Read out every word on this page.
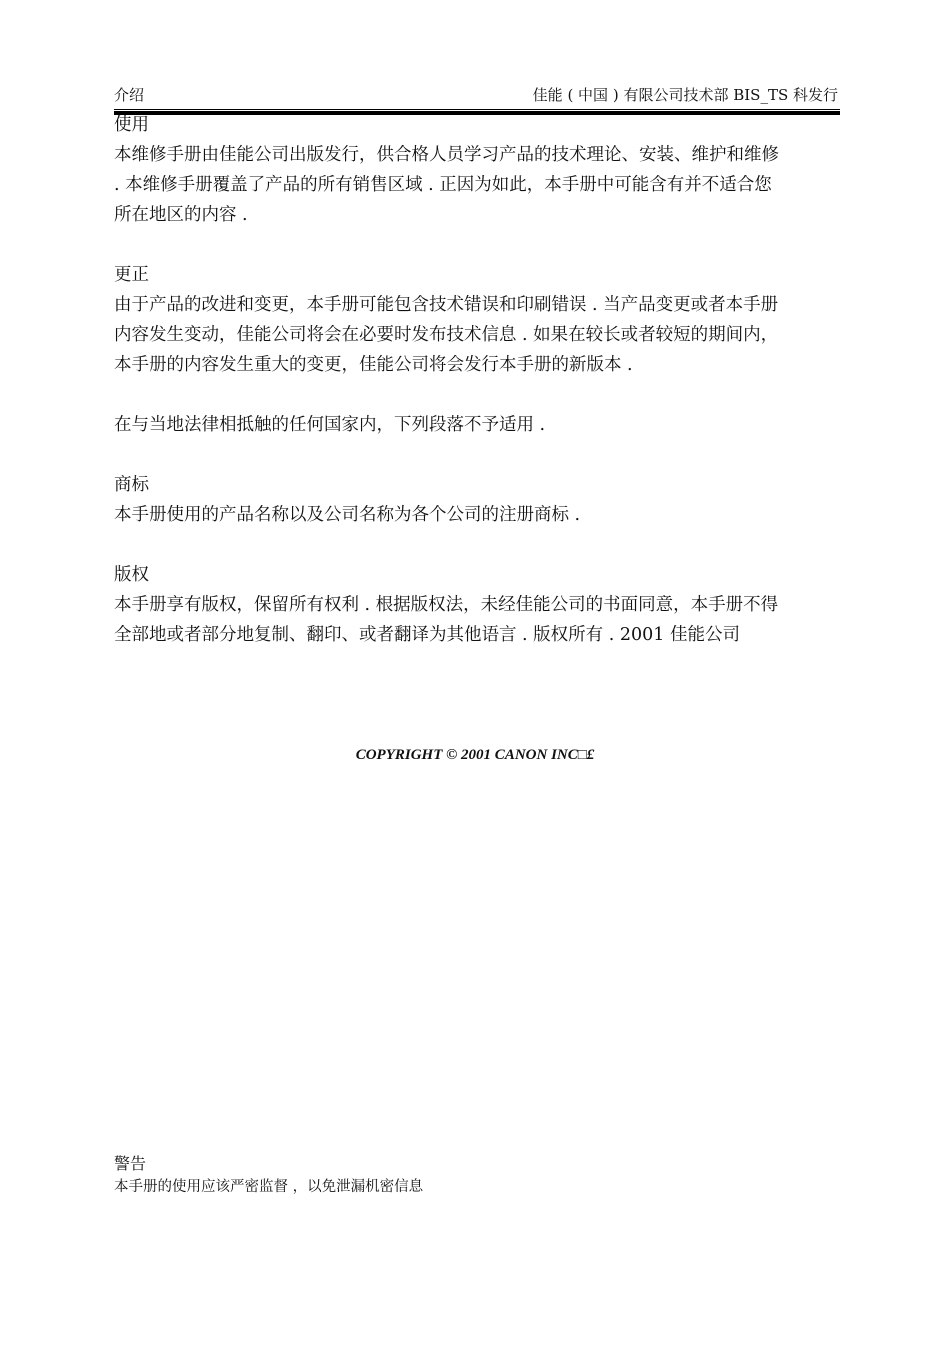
介绍	佳能 ( 中国 ) 有限公司技术部 BIS_TS 科发行

使用

本维修手册由佳能公司出版发行，供合格人员学习产品的技术理论、安装、维护和维修

. 本维修手册覆盖了产品的所有销售区域 . 正因为如此，本手册中可能含有并不适合您

所在地区的内容 .

更正

由于产品的改进和变更，本手册可能包含技术错误和印刷错误 . 当产品变更或者本手册

内容发生变动，佳能公司将会在必要时发布技术信息 . 如果在较长或者较短的期间内，

本手册的内容发生重大的变更，佳能公司将会发行本手册的新版本 .

在与当地法律相抵触的任何国家内，下列段落不予适用 .

商标

本手册使用的产品名称以及公司名称为各个公司的注册商标 .

版权

本手册享有版权，保留所有权利 . 根据版权法，未经佳能公司的书面同意，本手册不得

全部地或者部分地复制、翻印、或者翻译为其他语言 . 版权所有 . 2001 佳能公司

COPYRIGHT © 2001 CANON INC□£

警告

本手册的使用应该严密监督 ，以免泄漏机密信息
